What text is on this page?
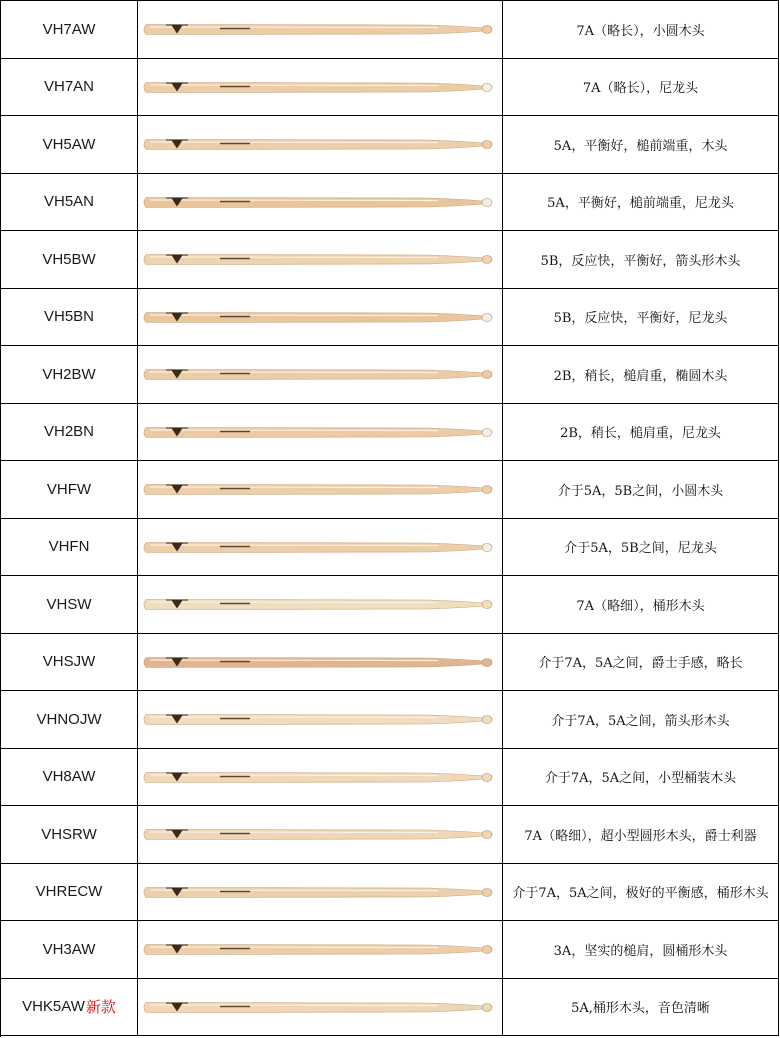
VH7AW	7A（略长），小圆木头
VH7AN	7A（略长），尼龙头
VH5AW	5A，平衡好，槌前端重，木头
VH5AN	5A，平衡好，槌前端重，尼龙头
VH5BW	5B，反应快，平衡好，箭头形木头
VH5BN	5B，反应快，平衡好，尼龙头
VH2BW	2B，稍长，槌肩重，椭圆木头
VH2BN	2B，稍长，槌肩重，尼龙头
VHFW	介于5A，5B之间，小圆木头
VHFN	介于5A，5B之间，尼龙头
VHSW	7A（略细），桶形木头
VHSJW	介于7A，5A之间，爵士手感，略长
VHNOJW	介于7A，5A之间，箭头形木头
VH8AW	介于7A，5A之间，小型桶装木头
VHSRW	7A（略细），超小型圆形木头，爵士利器
VHRECW	介于7A，5A之间，极好的平衡感，桶形木头
VH3AW	3A，坚实的槌肩，圆桶形木头
VHK5AW 新款	5A,桶形木头，音色清晰
